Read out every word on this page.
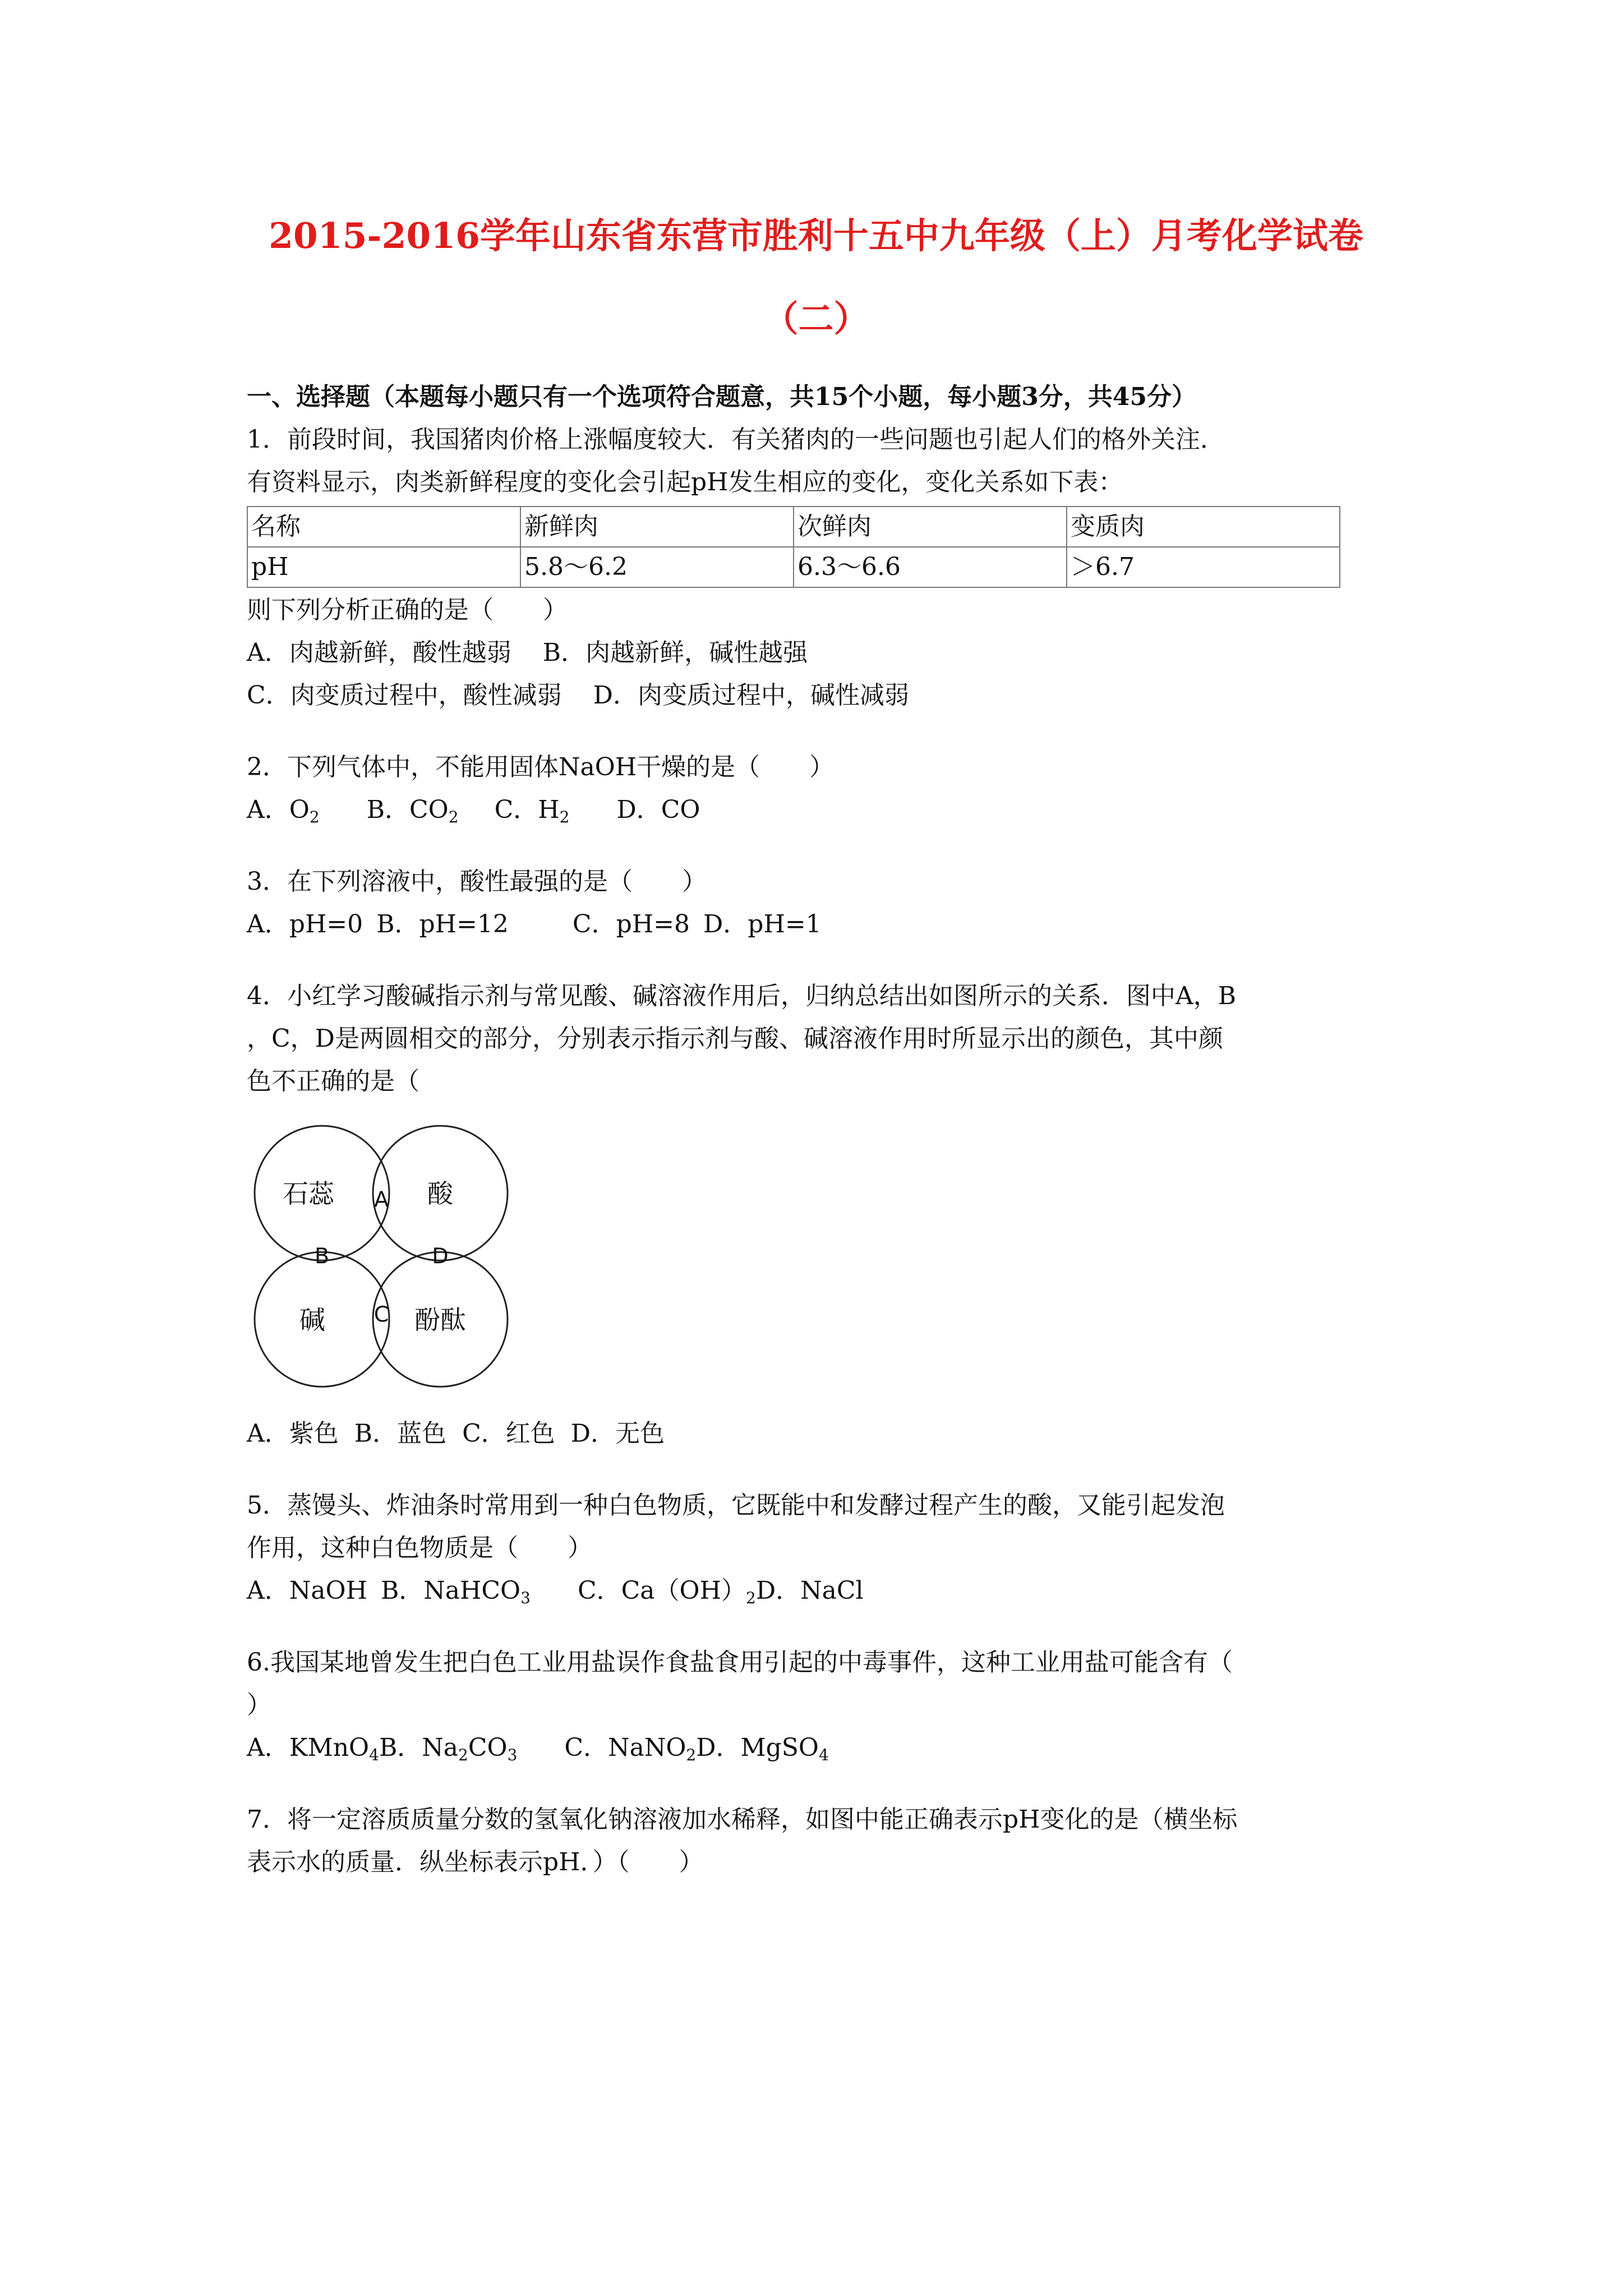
2015-2016学年山东省东营市胜利十五中九年级（上）月考化学试卷
（二）
一、选择题（本题每小题只有一个选项符合题意，共15个小题，每小题3分，共45分）
1．前段时间，我国猪肉价格上涨幅度较大．有关猪肉的一些问题也引起人们的格外关注．
有资料显示，肉类新鲜程度的变化会引起pH发生相应的变化，变化关系如下表：
名称	新鲜肉	次鲜肉	变质肉
pH	5.8～6.2	6.3～6.6	＞6.7
则下列分析正确的是（　　）
A．肉越新鲜，酸性越弱 B．肉越新鲜，碱性越强
C．肉变质过程中，酸性减弱 D．肉变质过程中，碱性减弱
2．下列气体中，不能用固体NaOH干燥的是（　　）
A．$O_2$ B．$CO_2$ C．$H_2$ D．CO
3．在下列溶液中，酸性最强的是（　　）
A．pH=0 B．pH=12	C．pH=8 D．pH=1
4．小红学习酸碱指示剂与常见酸、碱溶液作用后，归纳总结出如图所示的关系．图中A，B
，C，D是两圆相交的部分，分别表示指示剂与酸、碱溶液作用时所显示出的颜色，其中颜
色不正确的是（
石蕊	酸
碱	酚酞
A
B
C
D
A．紫色 B．蓝色 C．红色 D．无色
5．蒸馒头、炸油条时常用到一种白色物质，它既能中和发酵过程产生的酸，又能引起发泡
作用，这种白色物质是（　　）
A．NaOH B．NaHCO$_3$ C．$Ca(OH)_2D$．NaCl
6.我国某地曾发生把白色工业用盐误作食盐食用引起的中毒事件，这种工业用盐可能含有（
）
A．KMnO$_4$B．$Na_2CO_3$ C．NaNO$_2$D．MgSO$_4$
7．将一定溶质质量分数的氢氧化钠溶液加水稀释，如图中能正确表示pH变化的是（横坐标
表示水的质量．纵坐标表示pH．）（　　）
